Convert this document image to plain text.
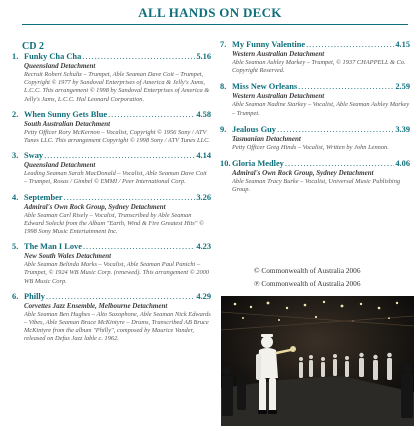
ALL HANDS ON DECK
CD 2
1. Funky Cha Cha .....	5.16
Queensland Detachment
Recruit Robert Schultz – Trumpet, Able Seaman Dave Coit – Trumpet, Copyright © 1977 by Sandoval Enterprises of America & Jelly's Jams, L.C.C. This arrangement © 1998 by Sandoval Enterprises of America & Jelly's Jams, L.C.C. Hal Leonard Corporation.
2. When Sunny Gets Blue .....	4.58
South Australian Detachment
Petty Officer Rory McKernon – Vocalist, Copyright © 1956 Sony / ATV Tunes LLC. This arrangement Copyright © 1998 Sony / ATV Tunes LLC.
3. Sway .....	4.14
Queensland Detachment
Leading Seaman Sarah MacDonald – Vocalist, Able Seaman Dave Coit – Trumpet, Rosas / Gimbel © EMMI / Peer International Corp.
4. September .....	3.26
Admiral's Own Rock Group, Sydney Detachment
Able Seaman Carl Risely – Vocalist, Transcribed by Able Seaman Edward Solecki from the Album "Earth, Wind & Fire Greatest Hits" © 1998 Sony Music Entertainment Inc.
5. The Man I Love .....	4.23
New South Wales Detachment
Able Seaman Belinda Marks – Vocalist, Able Seaman Paul Panichi – Trumpet, © 1924 WB Music Corp. (renewed). This arrangement © 2000 WB Music Corp.
6. Philly .....	4.29
Corvettes Jazz Ensemble, Melbourne Detachment
Able Seaman Ben Hughes – Alto Saxophone, Able Seaman Nick Edwards – Vibes, Able Seaman Bruce McKintyre – Drums, Transcribed AB Bruce McKintyre from the album "Philly", composed by Maurice Vander, released on Defus Jazz lable c. 1962.
7. My Funny Valentine .....	4.15
Western Australian Detachment
Able Seaman Ashley Markey – Trumpet, © 1937 CHAPPELL & Co. Copyright Reserved.
8. Miss New Orleans .....	2.59
Western Australian Detachment
Able Seaman Nadine Starkey – Vocalist, Able Seaman Ashley Markey – Trumpet.
9. Jealous Guy .....	3.39
Tasmanian Detachment
Petty Officer Greg Hinds – Vocalist, Written by John Lennon.
10. Gloria Medley .....	4.06
Admiral's Own Rock Group, Sydney Detachment
Able Seaman Tracy Burke – Vocalist, Universal Music Publishing Group.
© Commonwealth of Australia 2006
℗ Commonwealth of Australia 2006
